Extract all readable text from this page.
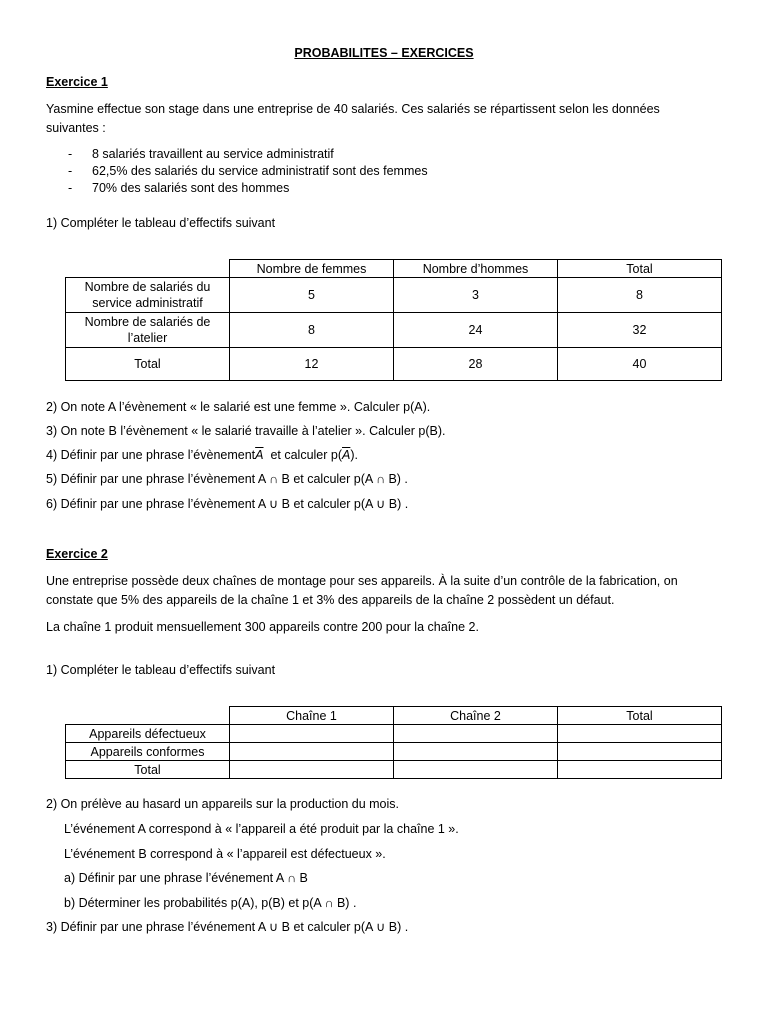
PROBABILITES – EXERCICES
Exercice 1
Yasmine effectue son stage dans une entreprise de 40 salariés. Ces salariés se répartissent selon les données
suivantes :
- 8 salariés travaillent au service administratif
- 62,5% des salariés du service administratif sont des femmes
- 70% des salariés sont des hommes
1) Compléter le tableau d’effectifs suivant
	Nombre de femmes	Nombre d’hommes	Total
Nombre de salariés du
service administratif	5	3	8
Nombre de salariés de
l’atelier	8	24	32
Total	12	28	40
2) On note A l’évènement « le salarié est une femme ». Calculer p(A).
3) On note B l’évènement « le salarié travaille à l’atelier ». Calculer p(B).
4) Définir par une phrase $l’évènement\overline{A}$ et calculer $p(\overline{A})$.
5) Définir par une phrase l’évènement A ∩ B et calculer p(A ∩ B) .
6) Définir par une phrase l’évènement A ∪ B et calculer p(A ∪ B) .
Exercice 2
Une entreprise possède deux chaînes de montage pour ses appareils. À la suite d’un contrôle de la fabrication, on
constate que 5% des appareils de la chaîne 1 et 3% des appareils de la chaîne 2 possèdent un défaut.
La chaîne 1 produit mensuellement 300 appareils contre 200 pour la chaîne 2.
1) Compléter le tableau d’effectifs suivant
	Chaîne 1	Chaîne 2	Total
Appareils défectueux			
Appareils conformes			
Total			
2) On prélève au hasard un appareils sur la production du mois.
L’événement A correspond à « l’appareil a été produit par la chaîne 1 ».
L’événement B correspond à « l’appareil est défectueux ».
a) Définir par une phrase l’événement A ∩ B
b) Déterminer les probabilités p(A), p(B) et p(A ∩ B) .
3) Définir par une phrase l’événement A ∪ B et calculer p(A ∪ B) .
